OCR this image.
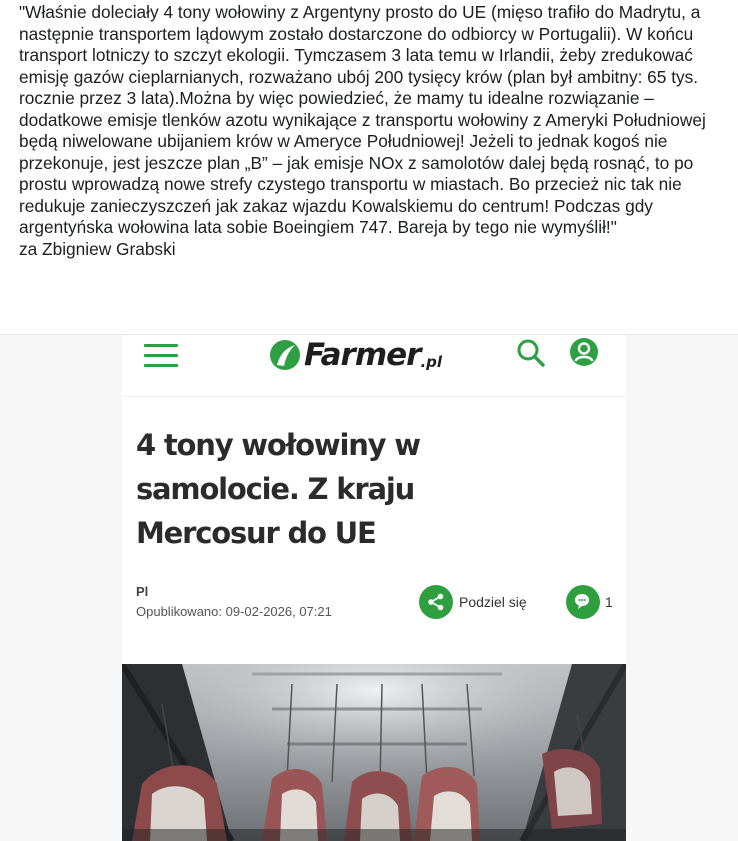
"Właśnie doleciały 4 tony wołowiny z Argentyny prosto do UE (mięso trafiło do Madrytu, a następnie transportem lądowym zostało dostarczone do odbiorcy w Portugalii). W końcu transport lotniczy to szczyt ekologii. Tymczasem 3 lata temu w Irlandii, żeby zredukować emisję gazów cieplarnianych, rozważano ubój 200 tysięcy krów (plan był ambitny: 65 tys. rocznie przez 3 lata).Można by więc powiedzieć, że mamy tu idealne rozwiązanie – dodatkowe emisje tlenków azotu wynikające z transportu wołowiny z Ameryki Południowej będą niwelowane ubijaniem krów w Ameryce Południowej! Jeżeli to jednak kogoś nie przekonuje, jest jeszcze plan „B” – jak emisje NOx z samolotów dalej będą rosnąć, to po prostu wprowadzą nowe strefy czystego transportu w miastach. Bo przecież nic tak nie redukuje zanieczyszczeń jak zakaz wjazdu Kowalskiemu do centrum! Podczas gdy argentyńska wołowina lata sobie Boeingiem 747. Bareja by tego nie wymyślił!"
za Zbigniew Grabski
Farmer .pl
4 tony wołowiny w samolocie. Z kraju Mercosur do UE
Pl
Opublikowano: 09-02-2026, 07:21
Podziel się	1
